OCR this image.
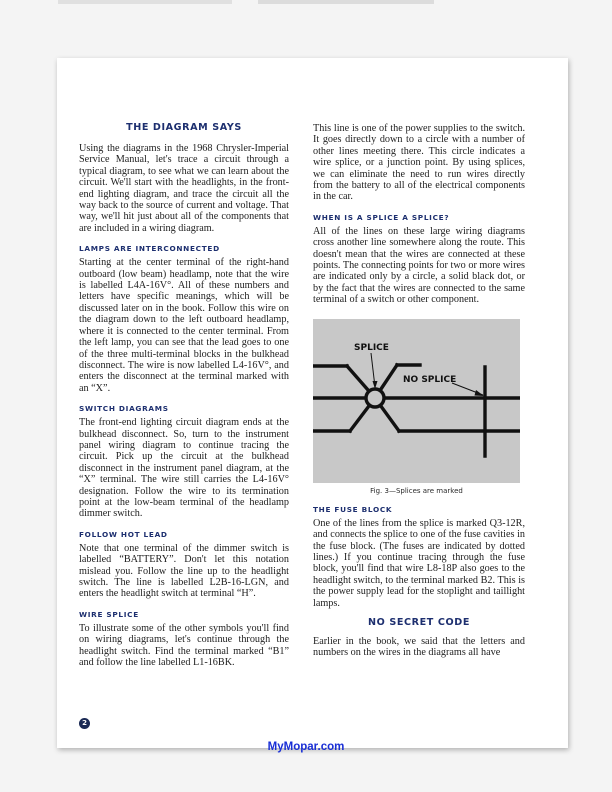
THE DIAGRAM SAYS

Using the diagrams in the 1968 Chrysler-Imperial Service Manual, let's trace a circuit through a typical diagram, to see what we can learn about the circuit. We'll start with the headlights, in the front-end lighting diagram, and trace the circuit all the way back to the source of current and voltage. That way, we'll hit just about all of the components that are included in a wiring diagram.

LAMPS ARE INTERCONNECTED

Starting at the center terminal of the right-hand outboard (low beam) headlamp, note that the wire is labelled L4A-16V°. All of these numbers and letters have specific meanings, which will be discussed later on in the book. Follow this wire on the diagram down to the left outboard headlamp, where it is connected to the center terminal. From the left lamp, you can see that the lead goes to one of the three multi-terminal blocks in the bulkhead disconnect. The wire is now labelled L4-16V°, and enters the disconnect at the terminal marked with an “X”.

SWITCH DIAGRAMS

The front-end lighting circuit diagram ends at the bulkhead disconnect. So, turn to the instrument panel wiring diagram to continue tracing the circuit. Pick up the circuit at the bulkhead disconnect in the instrument panel diagram, at the “X” terminal. The wire still carries the L4-16V° designation. Follow the wire to its termination point at the low-beam terminal of the headlamp dimmer switch.

FOLLOW HOT LEAD

Note that one terminal of the dimmer switch is labelled “BATTERY”. Don't let this notation mislead you. Follow the line up to the headlight switch. The line is labelled L2B-16-LGN, and enters the headlight switch at terminal “H”.

WIRE SPLICE

To illustrate some of the other symbols you'll find on wiring diagrams, let's continue through the headlight switch. Find the terminal marked “B1” and follow the line labelled L1-16BK.

This line is one of the power supplies to the switch. It goes directly down to a circle with a number of other lines meeting there. This circle indicates a wire splice, or a junction point. By using splices, we can eliminate the need to run wires directly from the battery to all of the electrical components in the car.

WHEN IS A SPLICE A SPLICE?

All of the lines on these large wiring diagrams cross another line somewhere along the route. This doesn't mean that the wires are connected at these points. The connecting points for two or more wires are indicated only by a circle, a solid black dot, or by the fact that the wires are connected to the same terminal of a switch or other component.

SPLICE
NO SPLICE
Fig. 3—Splices are marked
THE FUSE BLOCK

One of the lines from the splice is marked Q3-12R, and connects the splice to one of the fuse cavities in the fuse block. (The fuses are indicated by dotted lines.) If you continue tracing through the fuse block, you'll find that wire L8-18P also goes to the headlight switch, to the terminal marked B2. This is the power supply lead for the stoplight and taillight lamps.

NO SECRET CODE

Earlier in the book, we said that the letters and numbers on the wires in the diagrams all have

2
MyMopar.com
